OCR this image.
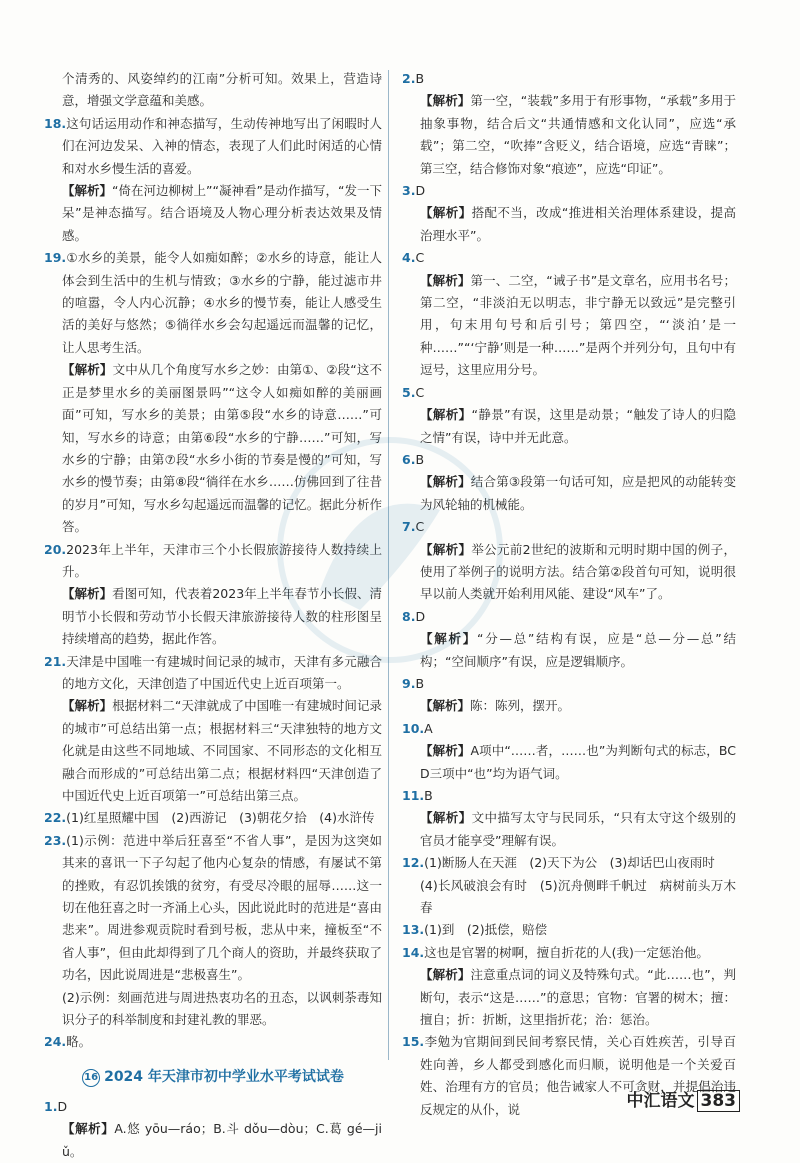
个清秀的、风姿绰约的江南”分析可知。效果上，营造诗意，增强文学意蕴和美感。

18.这句话运用动作和神态描写，生动传神地写出了闲暇时人们在河边发呆、入神的情态，表现了人们此时闲适的心情和对水乡慢生活的喜爱。

【解析】“倚在河边柳树上”“凝神看”是动作描写，“发一下呆”是神态描写。结合语境及人物心理分析表达效果及情感。

19.①水乡的美景，能令人如痴如醉；②水乡的诗意，能让人体会到生活中的生机与情致；③水乡的宁静，能过滤市井的喧嚣，令人内心沉静；④水乡的慢节奏，能让人感受生活的美好与悠然；⑤徜徉水乡会勾起遥远而温馨的记忆，让人思考生活。

【解析】文中从几个角度写水乡之妙：由第①、②段“这不正是梦里水乡的美丽图景吗”“这令人如痴如醉的美丽画面”可知，写水乡的美景；由第⑤段“水乡的诗意……”可知，写水乡的诗意；由第⑥段“水乡的宁静……”可知，写水乡的宁静；由第⑦段“水乡小街的节奏是慢的”可知，写水乡的慢节奏；由第⑧段“徜徉在水乡……仿佛回到了往昔的岁月”可知，写水乡勾起遥远而温馨的记忆。据此分析作答。

20.2023年上半年，天津市三个小长假旅游接待人数持续上升。

【解析】看图可知，代表着2023年上半年春节小长假、清明节小长假和劳动节小长假天津旅游接待人数的柱形图呈持续增高的趋势，据此作答。

21.天津是中国唯一有建城时间记录的城市，天津有多元融合的地方文化，天津创造了中国近代史上近百项第一。

【解析】根据材料二“天津就成了中国唯一有建城时间记录的城市”可总结出第一点；根据材料三“天津独特的地方文化就是由这些不同地域、不同国家、不同形态的文化相互融合而形成的”可总结出第二点；根据材料四“天津创造了中国近代史上近百项第一”可总结出第三点。

22.(1)红星照耀中国　(2)西游记　(3)朝花夕拾　(4)水浒传

23.(1)示例：范进中举后狂喜至“不省人事”，是因为这突如其来的喜讯一下子勾起了他内心复杂的情感，有屡试不第的挫败，有忍饥挨饿的贫穷，有受尽冷眼的屈辱……这一切在他狂喜之时一齐涌上心头，因此说此时的范进是“喜由悲来”。周进参观贡院时看到号板，悲从中来，撞板至“不省人事”，但由此却得到了几个商人的资助，并最终获取了功名，因此说周进是“悲极喜生”。

(2)示例：刻画范进与周进热衷功名的丑态，以讽刺荼毒知识分子的科举制度和封建礼教的罪恶。

24.略。

16 2024 年天津市初中学业水平考试试卷

1.D

【解析】A.悠 yōu—ráo；B.斗 dǒu—dòu；C.葛 gé—jiǔ。

2.B

【解析】第一空，“装载”多用于有形事物，“承载”多用于抽象事物，结合后文“共通情感和文化认同”，应选“承载”；第二空，“吹捧”含贬义，结合语境，应选“青睐”；第三空，结合修饰对象“痕迹”，应选“印证”。

3.D

【解析】搭配不当，改成“推进相关治理体系建设，提高治理水平”。

4.C

【解析】第一、二空，“诫子书”是文章名，应用书名号；第二空，“非淡泊无以明志，非宁静无以致远”是完整引用，句末用句号和后引号；第四空，“‘淡泊’是一种……”“‘宁静’则是一种……”是两个并列分句，且句中有逗号，这里应用分号。

5.C

【解析】“静景”有误，这里是动景；“触发了诗人的归隐之情”有误，诗中并无此意。

6.B

【解析】结合第③段第一句话可知，应是把风的动能转变为风轮轴的机械能。

7.C

【解析】举公元前2世纪的波斯和元明时期中国的例子，使用了举例子的说明方法。结合第②段首句可知，说明很早以前人类就开始利用风能、建设“风车”了。

8.D

【解析】“分—总”结构有误，应是“总—分—总”结构；“空间顺序”有误，应是逻辑顺序。

9.B

【解析】陈：陈列，摆开。

10.A

【解析】A项中“……者，……也”为判断句式的标志，BCD三项中“也”均为语气词。

11.B

【解析】文中描写太守与民同乐，“只有太守这个级别的官员才能享受”理解有误。

12.(1)断肠人在天涯　(2)天下为公　(3)却话巴山夜雨时

(4)长风破浪会有时　(5)沉舟侧畔千帆过　病树前头万木春

13.(1)到　(2)抵偿，赔偿

14.这也是官署的树啊，擅自折花的人(我)一定惩治他。

【解析】注意重点词的词义及特殊句式。“此……也”，判断句，表示“这是……”的意思；官物：官署的树木；擅：擅自；折：折断，这里指折花；治：惩治。

15.李勉为官期间到民间考察民情，关心百姓疾苦，引导百姓向善，乡人都受到感化而归顺，说明他是一个关爱百姓、治理有方的官员；他告诫家人不可贪财，并提倡治违反规定的从仆，说	中汇语文 383
